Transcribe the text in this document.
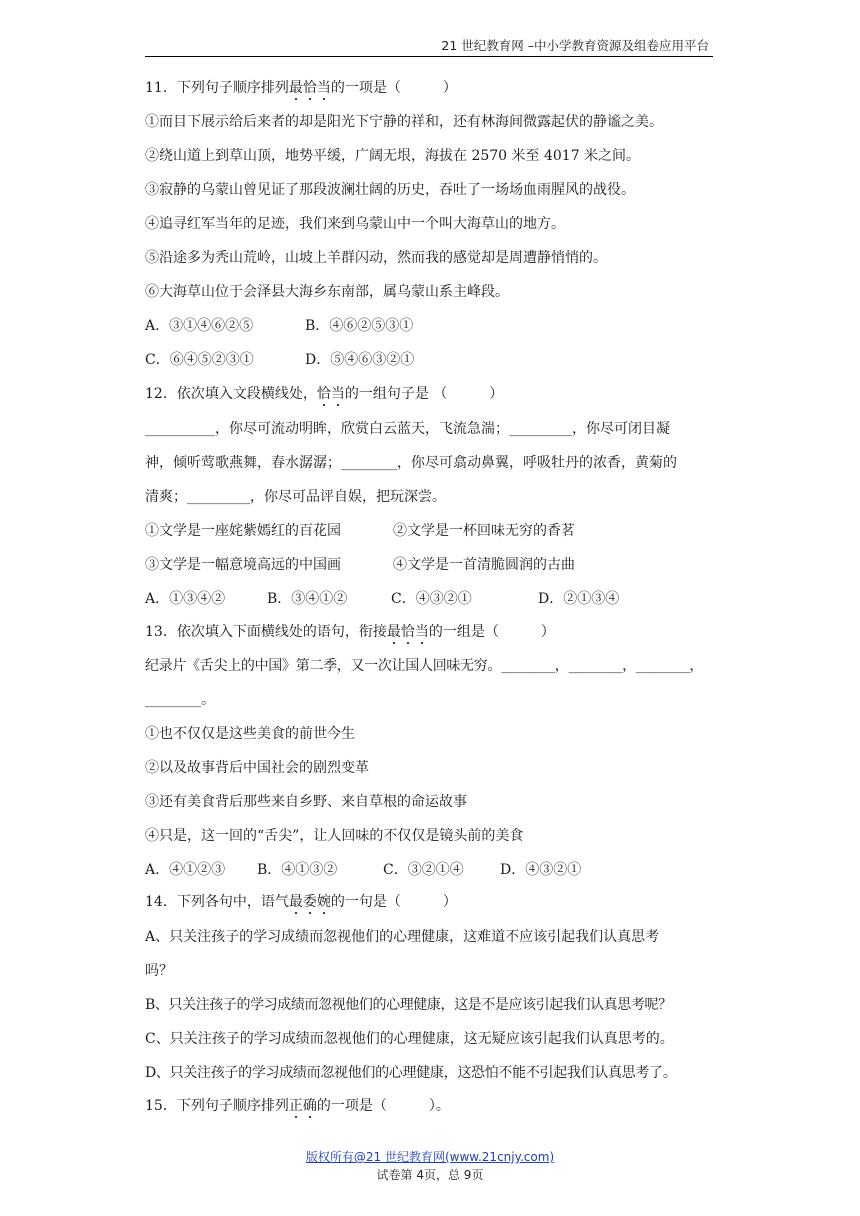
21 世纪教育网 –中小学教育资源及组卷应用平台
11．下列句子顺序排列最恰当的一项是（　　　）
①而目下展示给后来者的却是阳光下宁静的祥和，还有林海间微露起伏的静谧之美。
②绕山道上到草山顶，地势平缓，广阔无垠，海拔在 2570 米至 4017 米之间。
③寂静的乌蒙山曾见证了那段波澜壮阔的历史，吞吐了一场场血雨腥风的战役。
④追寻红军当年的足迹，我们来到乌蒙山中一个叫大海草山的地方。
⑤沿途多为秃山荒岭，山坡上羊群闪动，然而我的感觉却是周遭静悄悄的。
⑥大海草山位于会泽县大海乡东南部，属乌蒙山系主峰段。
A．③①④⑥②⑤	B．④⑥②⑤③①
C．⑥④⑤②③①	D．⑤④⑥③②①
12．依次填入文段横线处，恰当的一组句子是 （　　　）
__________，你尽可流动明眸，欣赏白云蓝天，飞流急湍；_________，你尽可闭目凝
神，倾听莺歌燕舞，春水潺潺；________，你尽可翕动鼻翼，呼吸牡丹的浓香，黄菊的
清爽；_________，你尽可品评自娱，把玩深尝。
①文学是一座姹紫嫣红的百花园	②文学是一杯回味无穷的香茗
③文学是一幅意境高远的中国画	④文学是一首清脆圆润的古曲
A．①③④②	B．③④①②	C．④③②①	D．②①③④
13．依次填入下面横线处的语句，衔接最恰当的一组是（　　　）
纪录片《舌尖上的中国》第二季，又一次让国人回味无穷。________，________，________，
________。
①也不仅仅是这些美食的前世今生
②以及故事背后中国社会的剧烈变革
③还有美食背后那些来自乡野、来自草根的命运故事
④只是，这一回的“舌尖”，让人回味的不仅仅是镜头前的美食
A．④①②③ B．④①③②	C．③②①④	D．④③②①
14．下列各句中，语气最委婉的一句是（　　　）
A、只关注孩子的学习成绩而忽视他们的心理健康，这难道不应该引起我们认真思考
吗？
B、只关注孩子的学习成绩而忽视他们的心理健康，这是不是应该引起我们认真思考呢？
C、只关注孩子的学习成绩而忽视他们的心理健康，这无疑应该引起我们认真思考的。
D、只关注孩子的学习成绩而忽视他们的心理健康，这恐怕不能不引起我们认真思考了。
15．下列句子顺序排列正确的一项是（　　　）。
版权所有@21 世纪教育网(www.21cnjy.com)
试卷第 4页，总 9页
